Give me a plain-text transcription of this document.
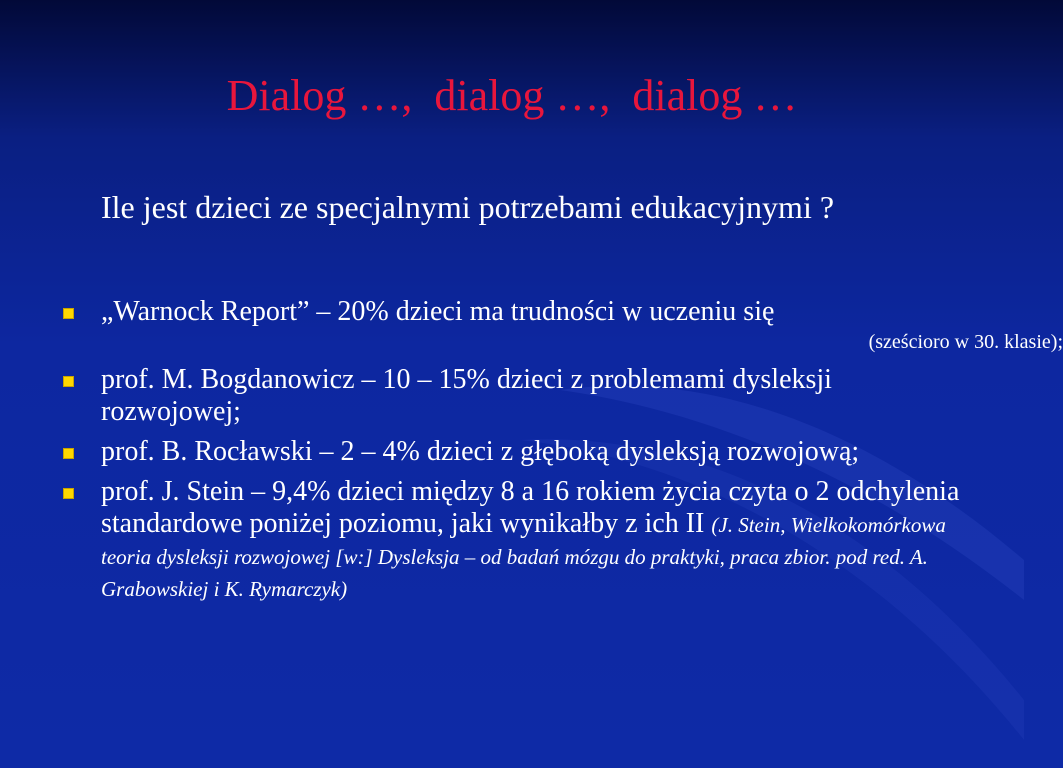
Dialog …,  dialog …,  dialog …
Ile jest dzieci ze specjalnymi potrzebami edukacyjnymi ?
„Warnock Report” – 20% dzieci ma trudności w uczeniu się
(sześcioro w 30. klasie);
prof. M. Bogdanowicz – 10 – 15% dzieci z problemami dysleksji rozwojowej;
prof. B. Rocławski – 2 – 4% dzieci z głęboką dysleksją rozwojową;
prof. J. Stein – 9,4% dzieci między 8 a 16 rokiem życia czyta o 2 odchylenia standardowe poniżej poziomu, jaki wynikałby z ich II (J. Stein, Wielkokomórkowa teoria dysleksji rozwojowej [w:] Dysleksja – od badań mózgu do praktyki, praca zbior. pod red. A. Grabowskiej i K. Rymarczyk)
